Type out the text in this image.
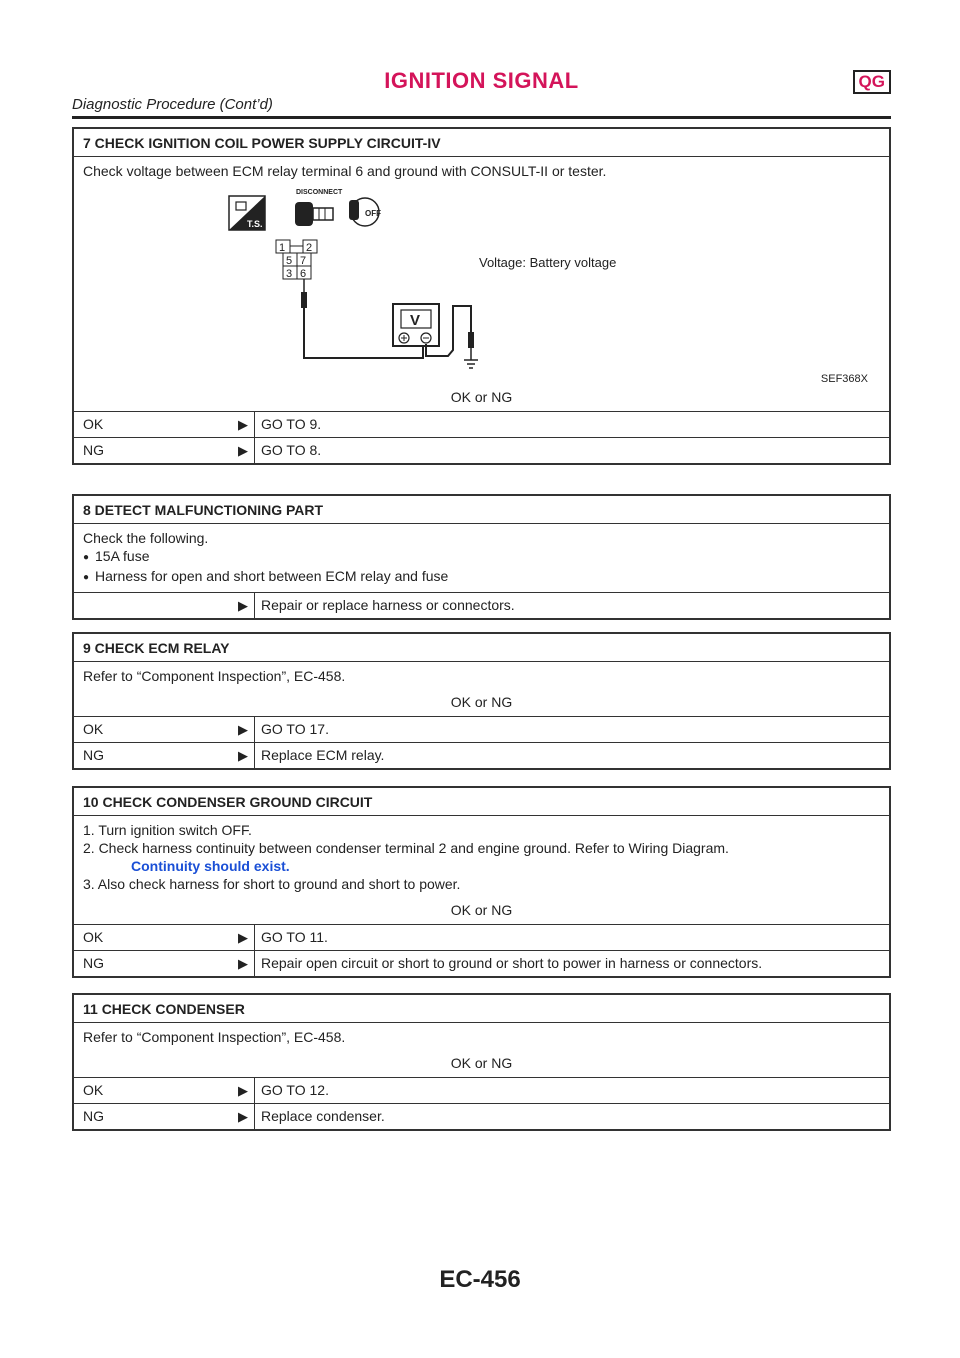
IGNITION SIGNAL	QG
Diagnostic Procedure (Cont’d)
7 CHECK IGNITION COIL POWER SUPPLY CIRCUIT-IV
Check voltage between ECM relay terminal 6 and ground with CONSULT-II or tester.
T.S.
DISCONNECT
OFF
1 2
5 7
3 6
V
Voltage: Battery voltage
SEF368X
OK or NG
OK	▶ GO TO 9.
NG	▶ GO TO 8.
8 DETECT MALFUNCTIONING PART
Check the following.
● 15A fuse
● Harness for open and short between ECM relay and fuse
▶ Repair or replace harness or connectors.
9 CHECK ECM RELAY
Refer to “Component Inspection”, EC-458.
OK or NG
OK	▶ GO TO 17.
NG	▶ Replace ECM relay.
10 CHECK CONDENSER GROUND CIRCUIT
1. Turn ignition switch OFF.
2. Check harness continuity between condenser terminal 2 and engine ground. Refer to Wiring Diagram.
Continuity should exist.
3. Also check harness for short to ground and short to power.
OK or NG
OK	▶ GO TO 11.
NG	▶ Repair open circuit or short to ground or short to power in harness or connectors.
11 CHECK CONDENSER
Refer to “Component Inspection”, EC-458.
OK or NG
OK	▶ GO TO 12.
NG	▶ Replace condenser.
EC-456
